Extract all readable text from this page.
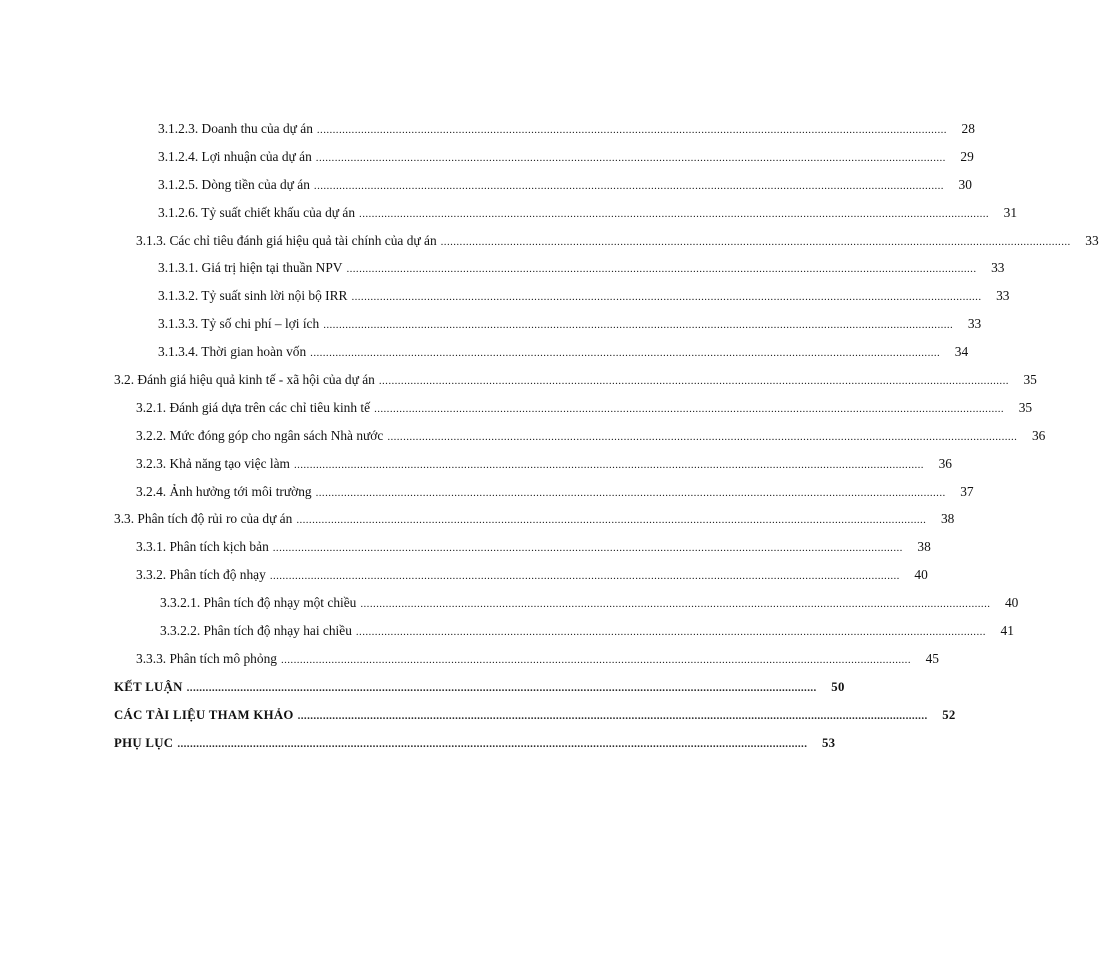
3.1.2.3. Doanh thu của dự án ........................................................................................................................................................................................................	28
3.1.2.4. Lợi nhuận của dự án ........................................................................................................................................................................................................	29
3.1.2.5. Dòng tiền của dự án ........................................................................................................................................................................................................	30
3.1.2.6. Tỷ suất chiết khấu của dự án ........................................................................................................................................................................................................	31
3.1.3. Các chỉ tiêu đánh giá hiệu quả tài chính của dự án ........................................................................................................................................................................................................	33
3.1.3.1. Giá trị hiện tại thuần NPV ........................................................................................................................................................................................................	33
3.1.3.2. Tỷ suất sinh lời nội bộ IRR ........................................................................................................................................................................................................	33
3.1.3.3. Tỷ số chi phí – lợi ích ........................................................................................................................................................................................................	33
3.1.3.4. Thời gian hoàn vốn ........................................................................................................................................................................................................	34
3.2. Đánh giá hiệu quả kinh tế - xã hội của dự án ........................................................................................................................................................................................................	35
3.2.1. Đánh giá dựa trên các chỉ tiêu kinh tế ........................................................................................................................................................................................................	35
3.2.2. Mức đóng góp cho ngân sách Nhà nước ........................................................................................................................................................................................................	36
3.2.3. Khả năng tạo việc làm ........................................................................................................................................................................................................	36
3.2.4. Ảnh hưởng tới môi trường ........................................................................................................................................................................................................	37
3.3. Phân tích độ rủi ro của dự án ........................................................................................................................................................................................................	38
3.3.1. Phân tích kịch bản ........................................................................................................................................................................................................	38
3.3.2. Phân tích độ nhạy ........................................................................................................................................................................................................	40
3.3.2.1. Phân tích độ nhạy một chiều ........................................................................................................................................................................................................	40
3.3.2.2. Phân tích độ nhạy hai chiều ........................................................................................................................................................................................................	41
3.3.3. Phân tích mô phỏng ........................................................................................................................................................................................................	45
KẾT LUẬN ........................................................................................................................................................................................................	50
CÁC TÀI LIỆU THAM KHẢO ........................................................................................................................................................................................................	52
PHỤ LỤC ........................................................................................................................................................................................................	53
